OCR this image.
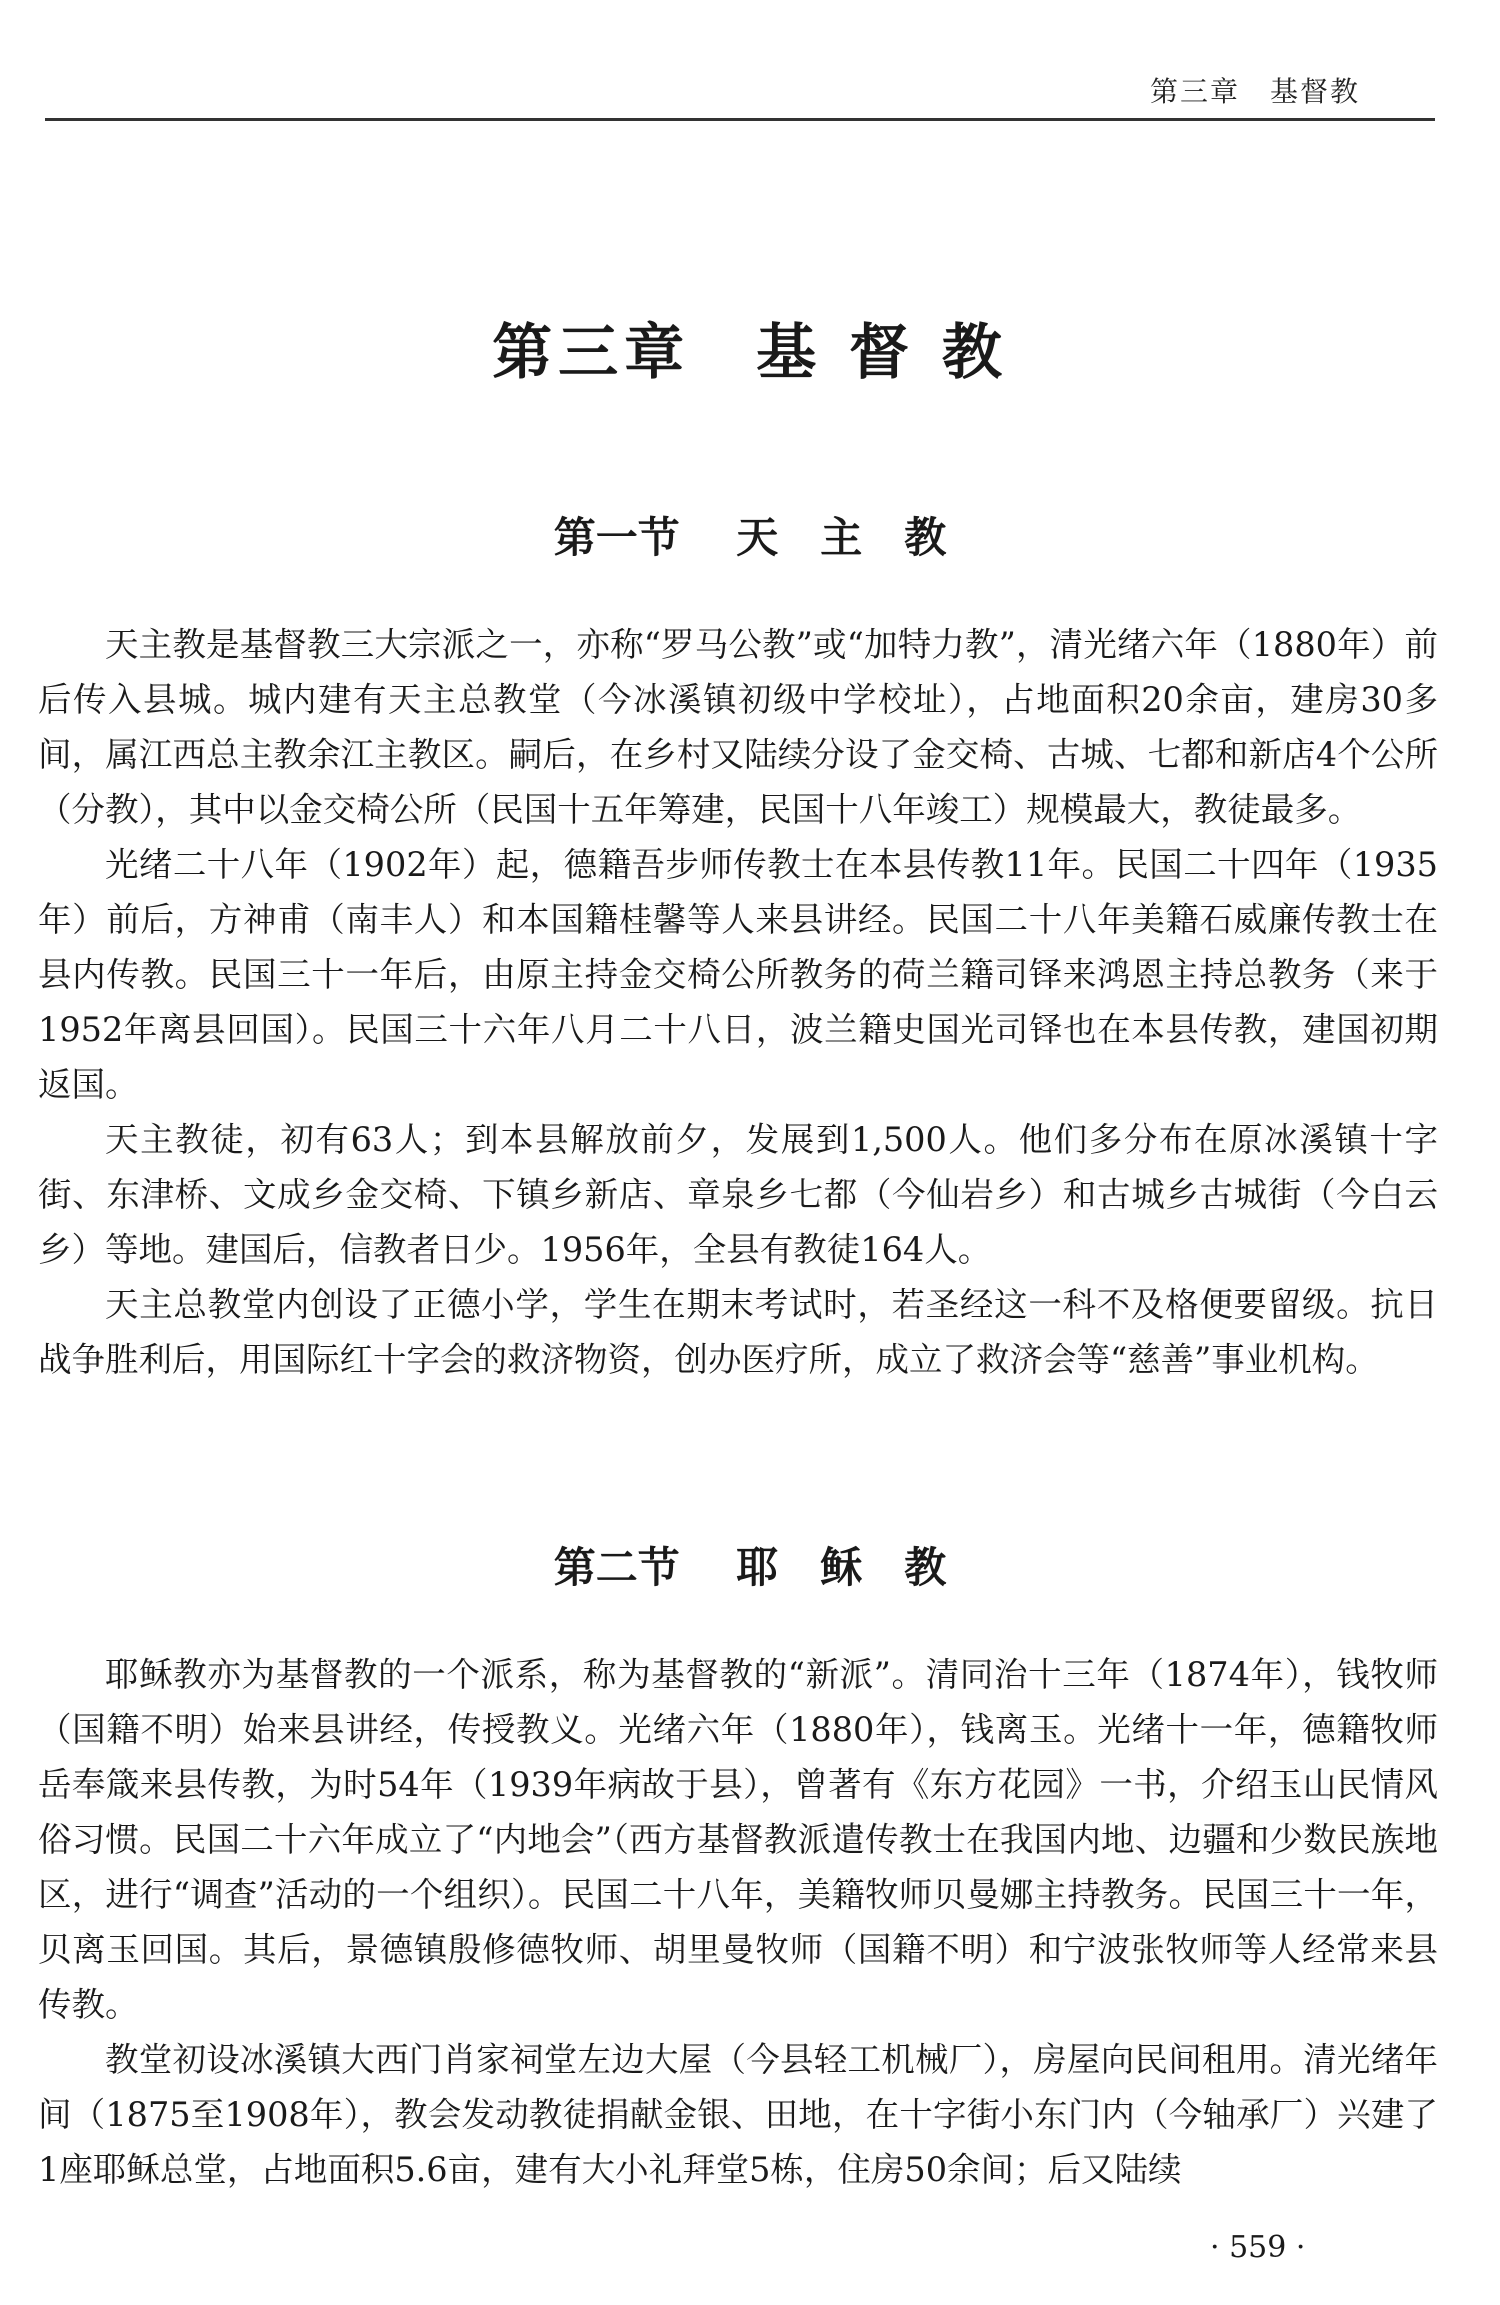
第三章　基督教
第三章　基 督 教
第一节　 天　主　教

天主教是基督教三大宗派之一，亦称“罗马公教”或“加特力教”，清光绪六年（1880年）前后传入县城。城内建有天主总教堂（今冰溪镇初级中学校址），占地面积20余亩，建房30多间，属江西总主教余江主教区。嗣后，在乡村又陆续分设了金交椅、古城、七都和新店4个公所（分教），其中以金交椅公所（民国十五年筹建，民国十八年竣工）规模最大，教徒最多。

光绪二十八年（1902年）起，德籍吾步师传教士在本县传教11年。民国二十四年（1935年）前后，方神甫（南丰人）和本国籍桂馨等人来县讲经。民国二十八年美籍石威廉传教士在县内传教。民国三十一年后，由原主持金交椅公所教务的荷兰籍司铎来鸿恩主持总教务（来于1952年离县回国）。民国三十六年八月二十八日，波兰籍史国光司铎也在本县传教，建国初期返国。

天主教徒，初有63人；到本县解放前夕，发展到1,500人。他们多分布在原冰溪镇十字街、东津桥、文成乡金交椅、下镇乡新店、章泉乡七都（今仙岩乡）和古城乡古城街（今白云乡）等地。建国后，信教者日少。1956年，全县有教徒164人。

天主总教堂内创设了正德小学，学生在期末考试时，若圣经这一科不及格便要留级。抗日战争胜利后，用国际红十字会的救济物资，创办医疗所，成立了救济会等“慈善”事业机构。

第二节　 耶　稣　教

耶稣教亦为基督教的一个派系，称为基督教的“新派”。清同治十三年（1874年），钱牧师（国籍不明）始来县讲经，传授教义。光绪六年（1880年），钱离玉。光绪十一年，德籍牧师岳奉箴来县传教，为时54年（1939年病故于县），曾著有《东方花园》一书，介绍玉山民情风俗习惯。民国二十六年成立了“内地会”（西方基督教派遣传教士在我国内地、边疆和少数民族地区，进行“调查”活动的一个组织）。民国二十八年，美籍牧师贝曼娜主持教务。民国三十一年，贝离玉回国。其后，景德镇殷修德牧师、胡里曼牧师（国籍不明）和宁波张牧师等人经常来县传教。

教堂初设冰溪镇大西门肖家祠堂左边大屋（今县轻工机械厂），房屋向民间租用。清光绪年间（1875至1908年），教会发动教徒捐献金银、田地，在十字街小东门内（今轴承厂）兴建了1座耶稣总堂，占地面积5.6亩，建有大小礼拜堂5栋，住房50余间；后又陆续

· 559 ·
